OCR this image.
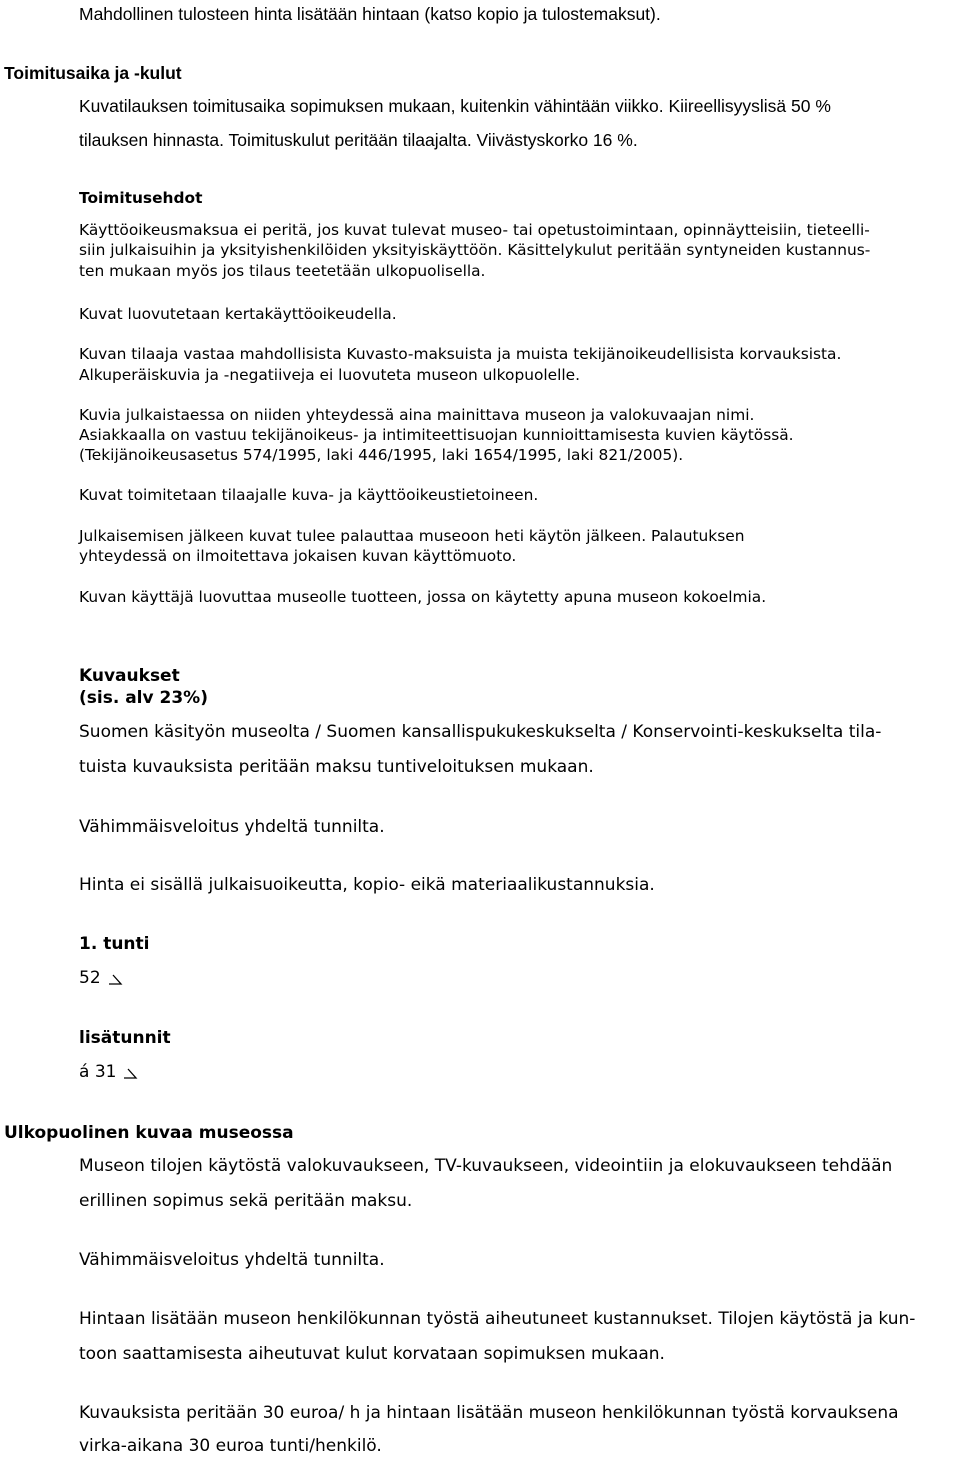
Mahdollinen tulosteen hinta lisätään hintaan (katso kopio ja tulostemaksut).

Toimitusaika ja -kulut

Kuvatilauksen toimitusaika sopimuksen mukaan, kuitenkin vähintään viikko. Kiireellisyyslisä 50 %

tilauksen hinnasta. Toimituskulut peritään tilaajalta. Viivästyskorko 16 %.

Toimitusehdot

Käyttöoikeusmaksua ei peritä, jos kuvat tulevat museo- tai opetustoimintaan, opinnäytteisiin, tieteelli-

siin julkaisuihin ja yksityishenkilöiden yksityiskäyttöön. Käsittelykulut peritään syntyneiden kustannus-

ten mukaan myös jos tilaus teetetään ulkopuolisella.

Kuvat luovutetaan kertakäyttöoikeudella.

Kuvan tilaaja vastaa mahdollisista Kuvasto-maksuista ja muista tekijänoikeudellisista korvauksista.

Alkuperäiskuvia ja -negatiiveja ei luovuteta museon ulkopuolelle.

Kuvia julkaistaessa on niiden yhteydessä aina mainittava museon ja valokuvaajan nimi.

Asiakkaalla on vastuu tekijänoikeus- ja intimiteettisuojan kunnioittamisesta kuvien käytössä.

(Tekijänoikeusasetus 574/1995, laki 446/1995, laki 1654/1995, laki 821/2005).

Kuvat toimitetaan tilaajalle kuva- ja käyttöoikeustietoineen.

Julkaisemisen jälkeen kuvat tulee palauttaa museoon heti käytön jälkeen. Palautuksen

yhteydessä on ilmoitettava jokaisen kuvan käyttömuoto.

Kuvan käyttäjä luovuttaa museolle tuotteen, jossa on käytetty apuna museon kokoelmia.

Kuvaukset

(sis. alv 23%)

Suomen käsityön museolta / Suomen kansallispukukeskukselta / Konservointi-keskukselta tila-

tuista kuvauksista peritään maksu tuntiveloituksen mukaan.

Vähimmäisveloitus yhdeltä tunnilta.

Hinta ei sisällä julkaisuoikeutta, kopio- eikä materiaalikustannuksia.

1. tunti

52

lisätunnit

á 31

Ulkopuolinen kuvaa museossa

Museon tilojen käytöstä valokuvaukseen, TV-kuvaukseen, videointiin ja elokuvaukseen tehdään

erillinen sopimus sekä peritään maksu.

Vähimmäisveloitus yhdeltä tunnilta.

Hintaan lisätään museon henkilökunnan työstä aiheutuneet kustannukset. Tilojen käytöstä ja kun-

toon saattamisesta aiheutuvat kulut korvataan sopimuksen mukaan.

Kuvauksista peritään 30 euroa/ h ja hintaan lisätään museon henkilökunnan työstä korvauksena

virka-aikana 30 euroa tunti/henkilö.
